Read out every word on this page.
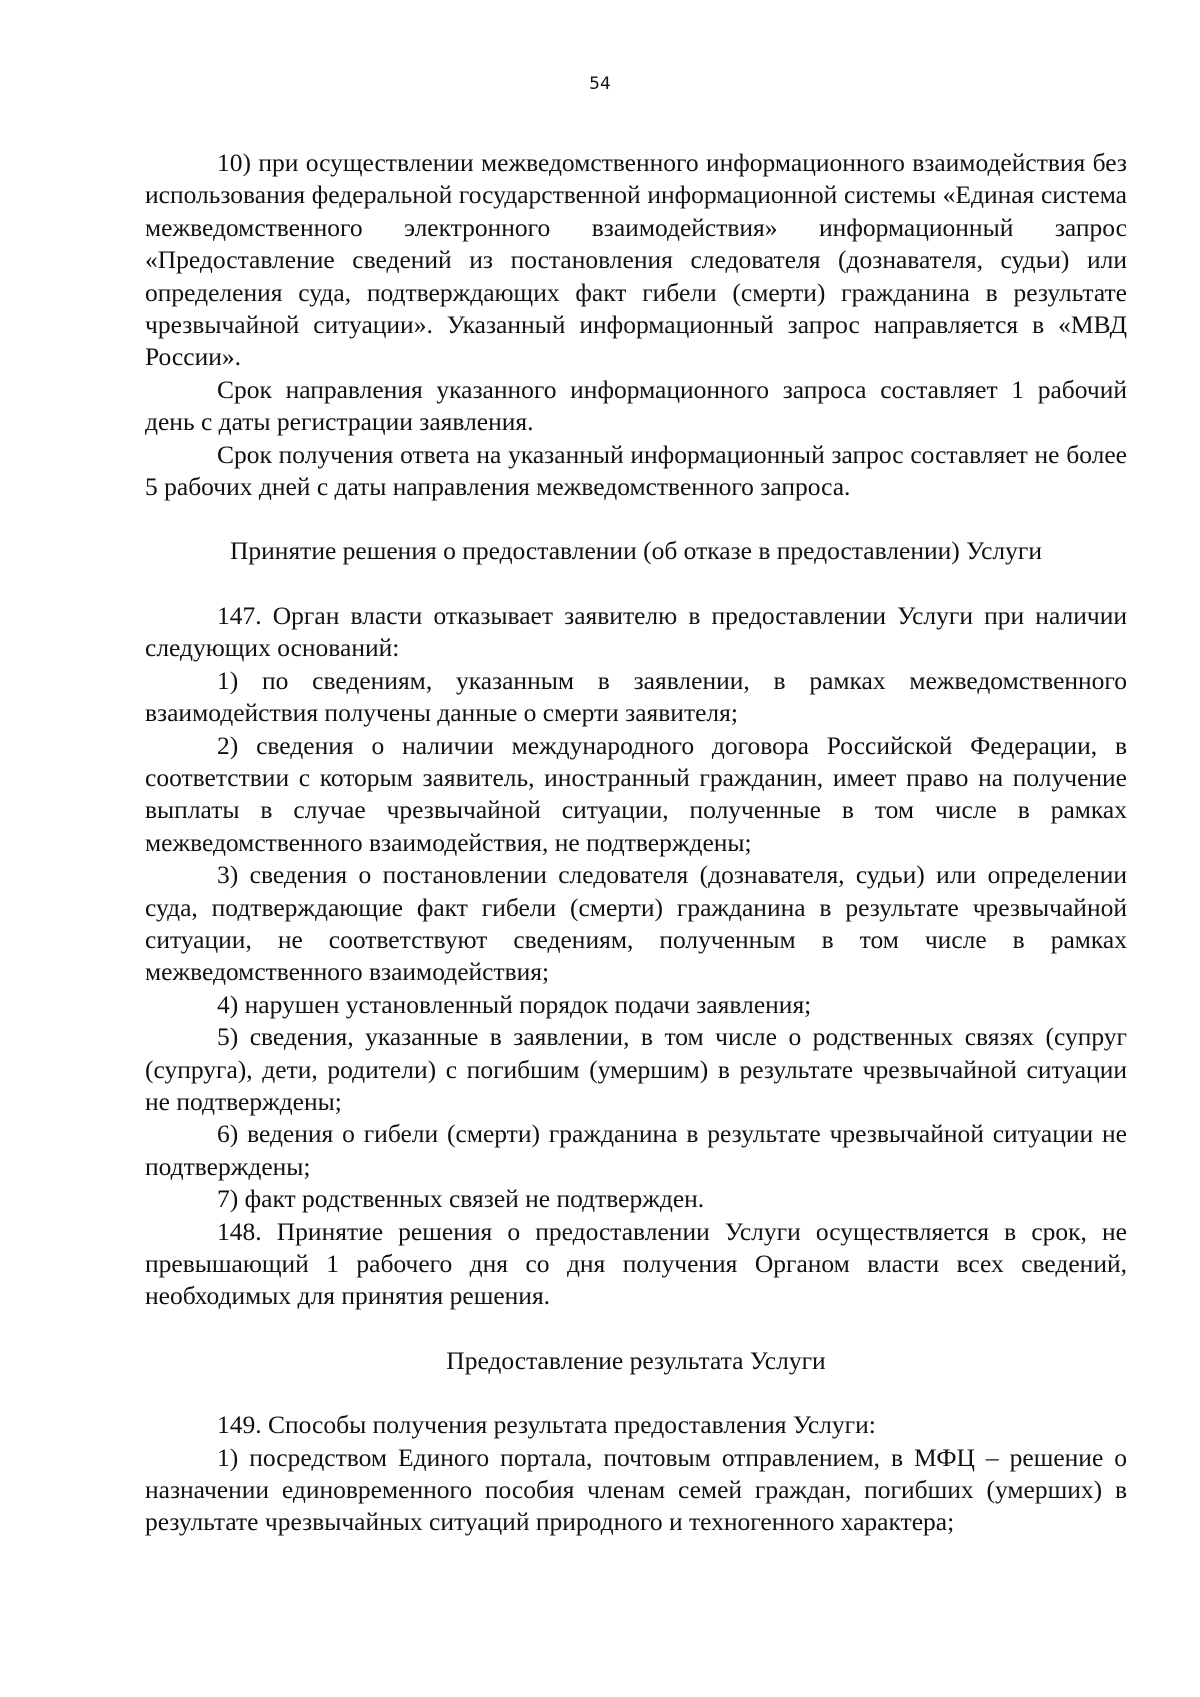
54

10) при осуществлении межведомственного информационного взаимодействия без использования федеральной государственной информационной системы «Единая система межведомственного электронного взаимодействия» информационный запрос «Предоставление сведений из постановления следователя (дознавателя, судьи) или определения суда, подтверждающих факт гибели (смерти) гражданина в результате чрезвычайной ситуации». Указанный информационный запрос направляется в «МВД России».

Срок направления указанного информационного запроса составляет 1 рабочий день с даты регистрации заявления.

Срок получения ответа на указанный информационный запрос составляет не более 5 рабочих дней с даты направления межведомственного запроса.

Принятие решения о предоставлении (об отказе в предоставлении) Услуги

147. Орган власти отказывает заявителю в предоставлении Услуги при наличии следующих оснований:

1) по сведениям, указанным в заявлении, в рамках межведомственного взаимодействия получены данные о смерти заявителя;

2) сведения о наличии международного договора Российской Федерации, в соответствии с которым заявитель, иностранный гражданин, имеет право на получение выплаты в случае чрезвычайной ситуации, полученные в том числе в рамках межведомственного взаимодействия, не подтверждены;

3) сведения о постановлении следователя (дознавателя, судьи) или определении суда, подтверждающие факт гибели (смерти) гражданина в результате чрезвычайной ситуации, не соответствуют сведениям, полученным в том числе в рамках межведомственного взаимодействия;

4) нарушен установленный порядок подачи заявления;

5) сведения, указанные в заявлении, в том числе о родственных связях (супруг (супруга), дети, родители) с погибшим (умершим) в результате чрезвычайной ситуации не подтверждены;

6) ведения о гибели (смерти) гражданина в результате чрезвычайной ситуации не подтверждены;

7) факт родственных связей не подтвержден.

148. Принятие решения о предоставлении Услуги осуществляется в срок, не превышающий 1 рабочего дня со дня получения Органом власти всех сведений, необходимых для принятия решения.

Предоставление результата Услуги

149. Способы получения результата предоставления Услуги:

1) посредством Единого портала, почтовым отправлением, в МФЦ – решение о назначении единовременного пособия членам семей граждан, погибших (умерших) в результате чрезвычайных ситуаций природного и техногенного характера;
